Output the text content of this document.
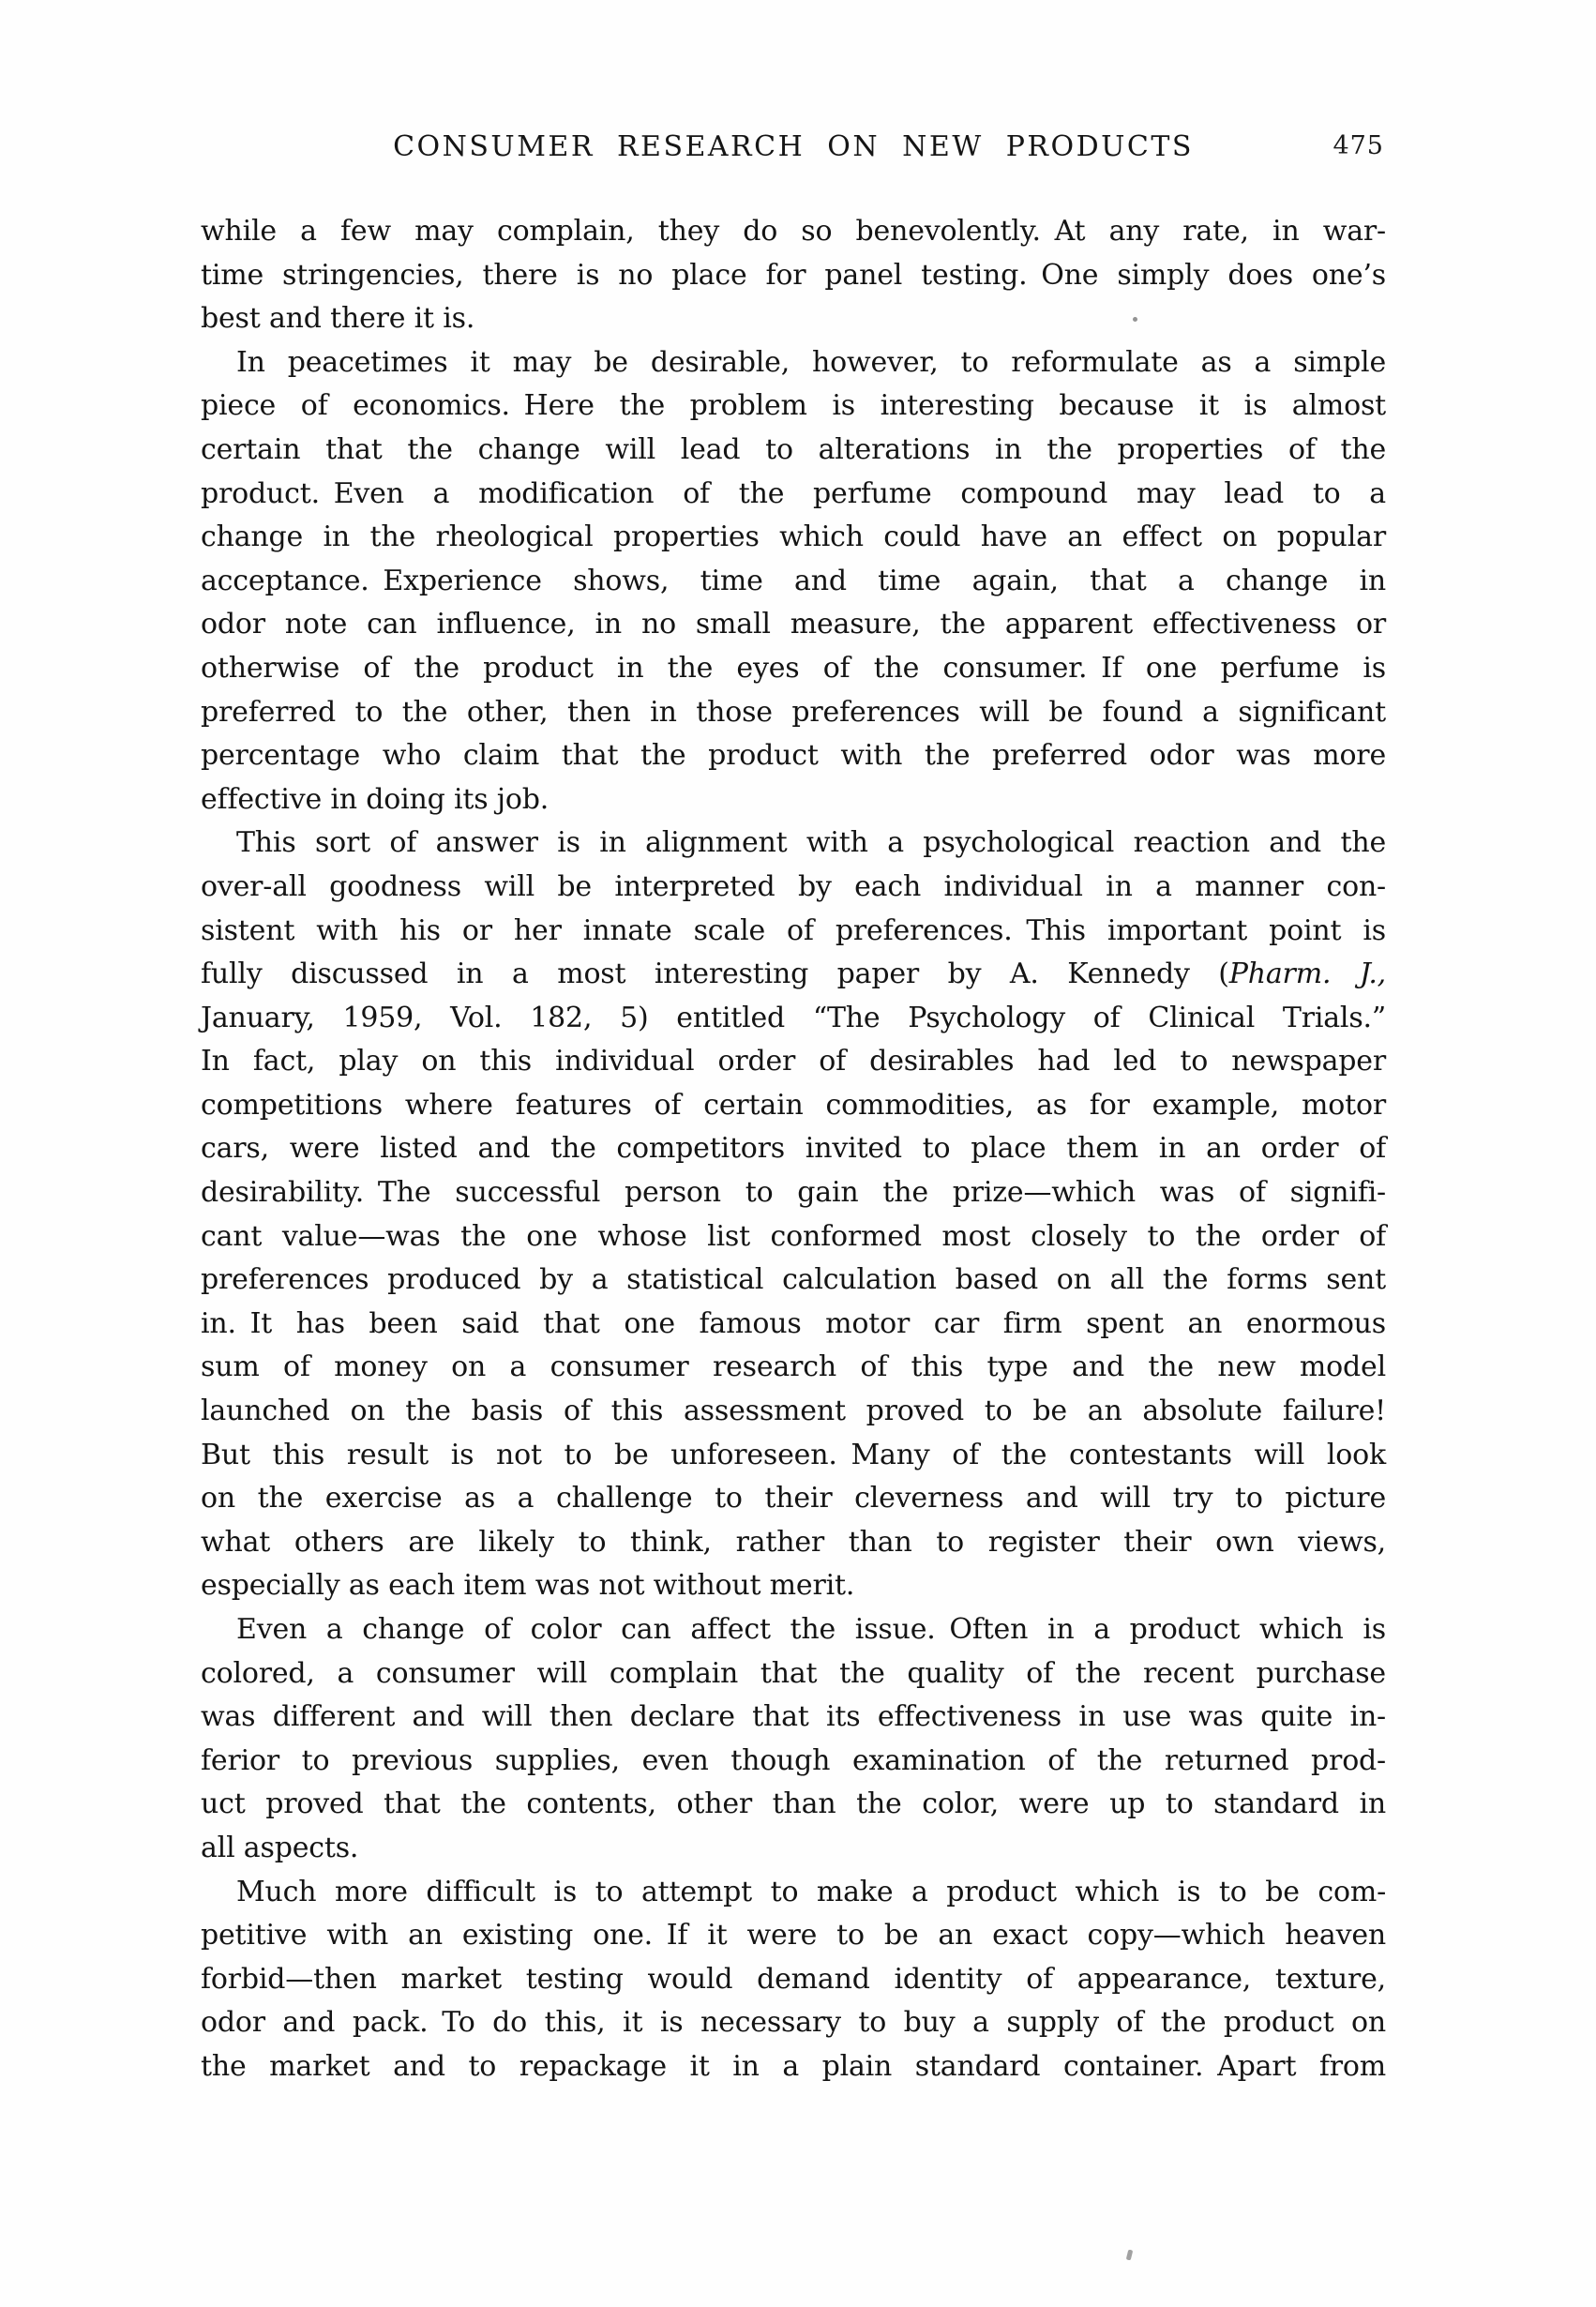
CONSUMER RESEARCH ON NEW PRODUCTS	475
while a few may complain, they do so benevolently. At any rate, in war-
time stringencies, there is no place for panel testing. One simply does one’s
best and there it is.
In peacetimes it may be desirable, however, to reformulate as a simple
piece of economics. Here the problem is interesting because it is almost
certain that the change will lead to alterations in the properties of the
product. Even a modification of the perfume compound may lead to a
change in the rheological properties which could have an effect on popular
acceptance. Experience shows, time and time again, that a change in
odor note can influence, in no small measure, the apparent effectiveness or
otherwise of the product in the eyes of the consumer. If one perfume is
preferred to the other, then in those preferences will be found a significant
percentage who claim that the product with the preferred odor was more
effective in doing its job.
This sort of answer is in alignment with a psychological reaction and the
over-all goodness will be interpreted by each individual in a manner con-
sistent with his or her innate scale of preferences. This important point is
fully discussed in a most interesting paper by A. Kennedy (Pharm. J.,
January, 1959, Vol. 182, 5) entitled “The Psychology of Clinical Trials.”
In fact, play on this individual order of desirables had led to newspaper
competitions where features of certain commodities, as for example, motor
cars, were listed and the competitors invited to place them in an order of
desirability. The successful person to gain the prize—which was of signifi-
cant value—was the one whose list conformed most closely to the order of
preferences produced by a statistical calculation based on all the forms sent
in. It has been said that one famous motor car firm spent an enormous
sum of money on a consumer research of this type and the new model
launched on the basis of this assessment proved to be an absolute failure!
But this result is not to be unforeseen. Many of the contestants will look
on the exercise as a challenge to their cleverness and will try to picture
what others are likely to think, rather than to register their own views,
especially as each item was not without merit.
Even a change of color can affect the issue. Often in a product which is
colored, a consumer will complain that the quality of the recent purchase
was different and will then declare that its effectiveness in use was quite in-
ferior to previous supplies, even though examination of the returned prod-
uct proved that the contents, other than the color, were up to standard in
all aspects.
Much more difficult is to attempt to make a product which is to be com-
petitive with an existing one. If it were to be an exact copy—which heaven
forbid—then market testing would demand identity of appearance, texture,
odor and pack. To do this, it is necessary to buy a supply of the product on
the market and to repackage it in a plain standard container. Apart from
